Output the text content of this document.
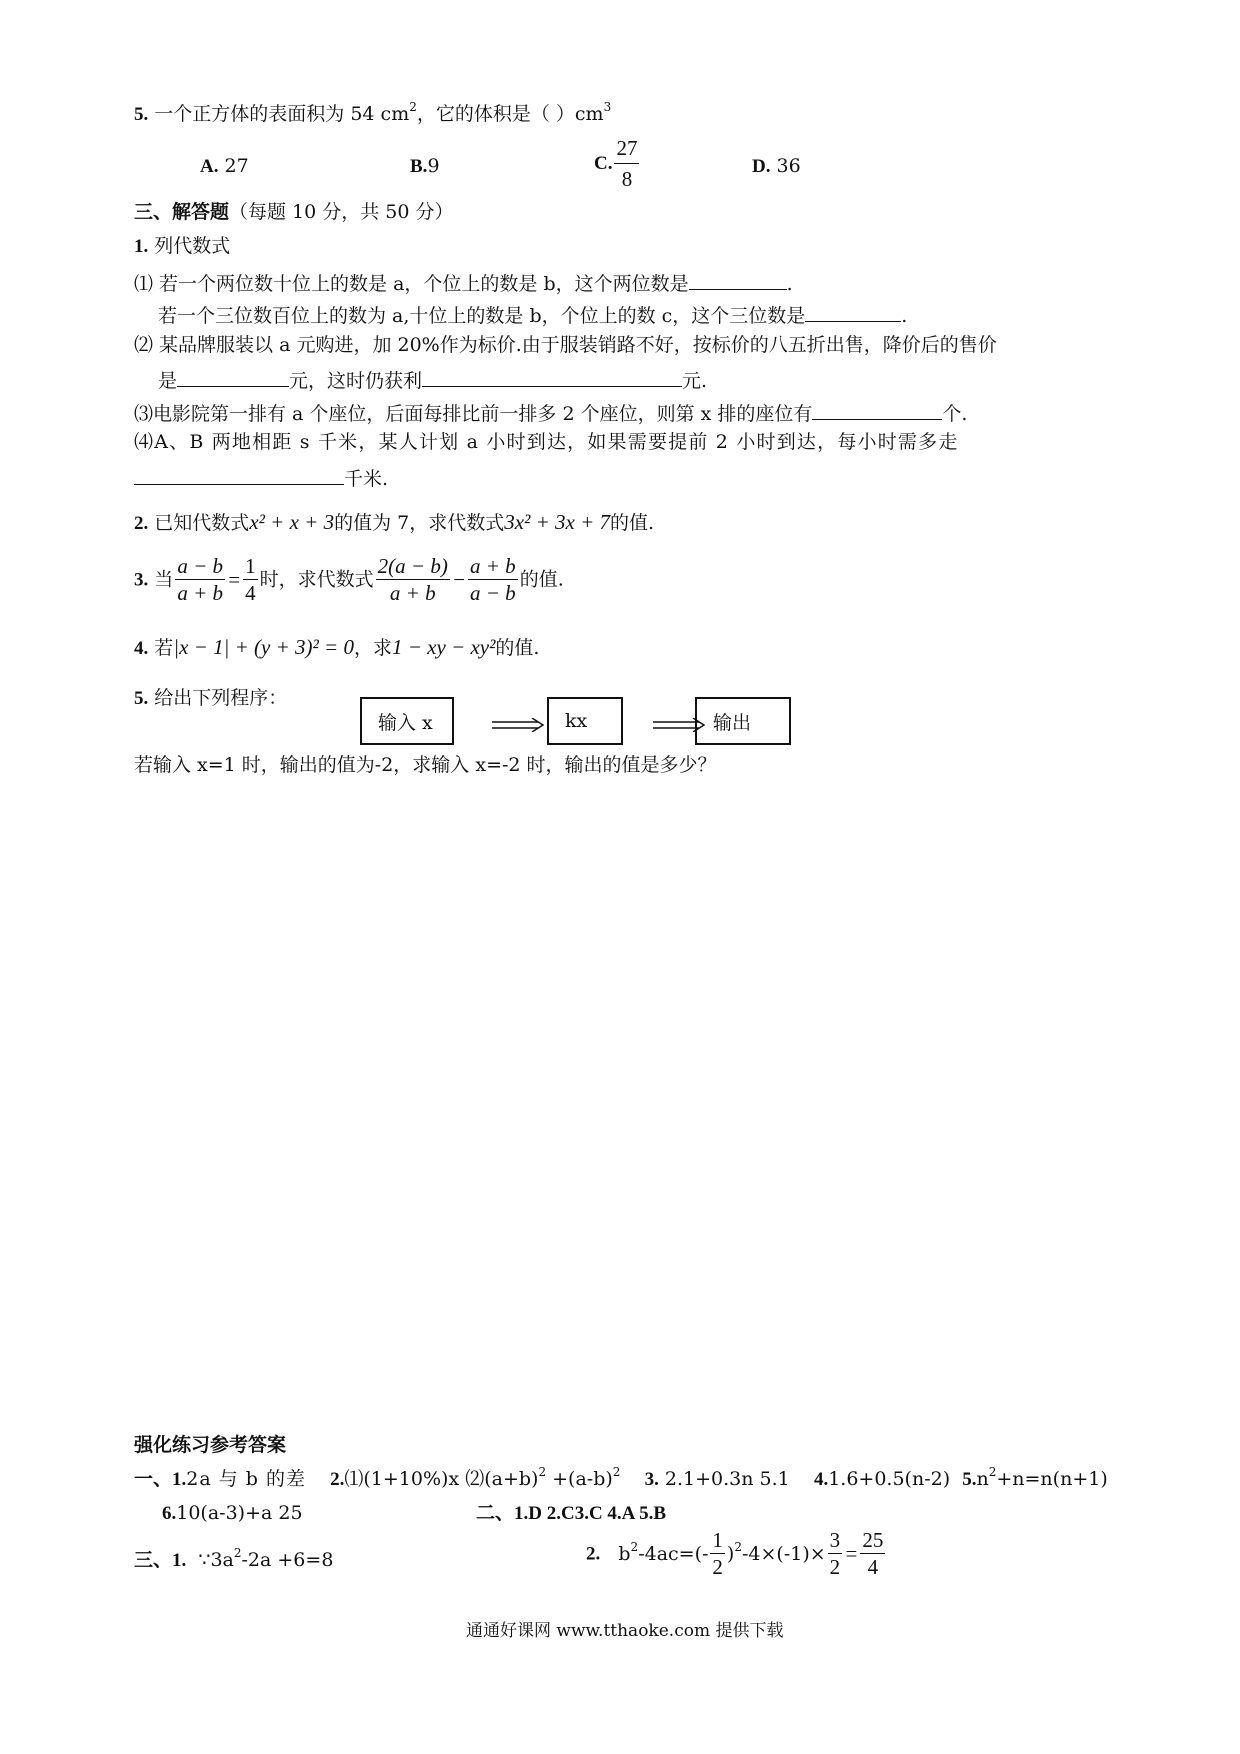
5. 一个正方体的表面积为 54 $cm^2$，它的体积是（ ）$cm^3$
A. 27	B.9	C. $\frac{27}{8}$	D. 36
三、解答题（每题 10 分，共 50 分）
1. 列代数式
⑴ 若一个两位数十位上的数是 a，个位上的数是 b，这个两位数是	.
若一个三位数百位上的数为 a,十位上的数是 b，个位上的数 c，这个三位数是	.
⑵ 某品牌服装以 a 元购进，加 20%作为标价.由于服装销路不好，按标价的八五折出售，降价后的售价
是	元，这时仍获利	元.
⑶电影院第一排有 a 个座位，后面每排比前一排多 2 个座位，则第 x 排的座位有	个.
⑷A、B 两地相距 s 千米，某人计划 a 小时到达，如果需要提前 2 小时到达，每小时需多走
千米.
2. 已知代数式x² + x + 3的值为 7，求代数式3x² + 3x + 7的值.
3. 当 $\frac{a - b}{a + b} = \frac{1}{4}$ 时，求代数式 $\frac{2(a - b)}{a + b} - \frac{a + b}{a - b}$ 的值.
4. 若|x − 1| + (y + 3)² = 0，求1 − xy − xy²的值.
5. 给出下列程序：
输入 x	kx	输出
若输入 x=1 时，输出的值为-2，求输入 x=-2 时，输出的值是多少？
强化练习参考答案
一、1.2a 与 b 的差 2.⑴(1+10%)x $⑵(a+b)^2 +(a-b)^2$ 3. 2.1+0.3n 5.1 4.1.6+0.5(n-2) $5.n^2+n=n(n+1)$
6.10(a-3)+a 25	二、1.D 2.C3.C 4.A 5.B
三、1. $\because 3a^2-2a +6=8$	2. $b^2-4ac=(- \frac{1}{2} )^2-4\times(-1)\times \frac{3}{2} = \frac{25}{4}$
通通好课网 www.tthaoke.com 提供下载
